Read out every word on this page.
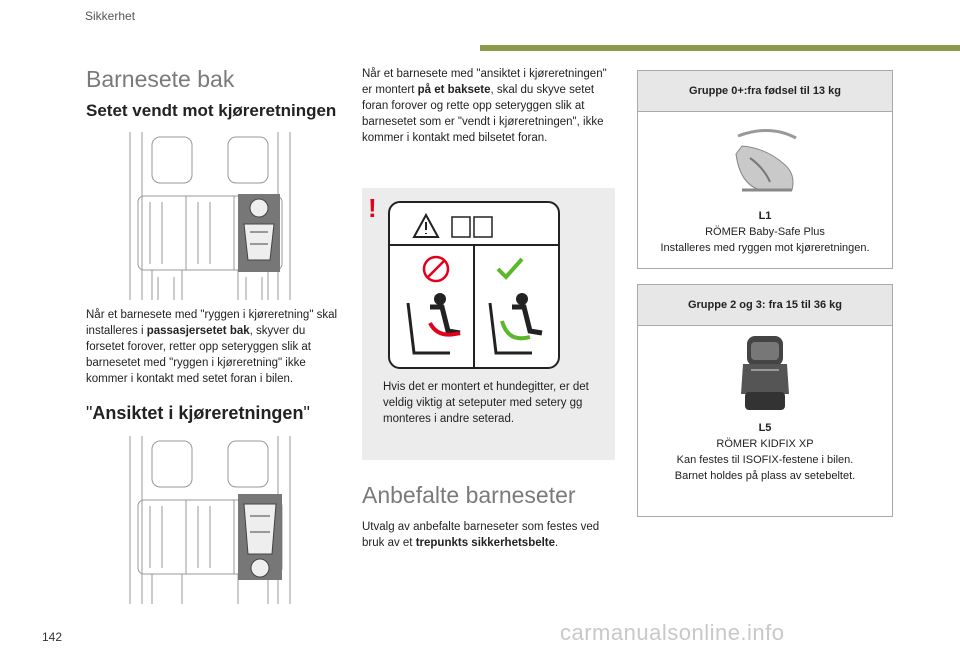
Sikkerhet
Barnesete bak
Setet vendt mot kjøreretningen
Når et barnesete med "ryggen i kjøreretning" skal installeres i passasjersetet bak, skyver du forsetet forover, retter opp seteryggen slik at barnesetet med "ryggen i kjøreretning" ikke kommer i kontakt med setet foran i bilen.
"Ansiktet i kjøreretningen"
Når et barnesete med "ansiktet i kjøreretningen" er montert på et baksete, skal du skyve setet foran forover og rette opp seteryggen slik at barnesetet som er "vendt i kjøreretningen", ikke kommer i kontakt med bilsetet foran.
!
Hvis det er montert et hundegitter, er det veldig viktig at seteputer med setery gg monteres i andre seterad.
Anbefalte barneseter
Utvalg av anbefalte barneseter som festes ved bruk av et trepunkts sikkerhetsbelte.
Gruppe 0+:fra fødsel til 13 kg
L1
RÖMER Baby-Safe Plus
Installeres med ryggen mot kjøreretningen.
Gruppe 2 og 3: fra 15 til 36 kg
L5
RÖMER KIDFIX XP
Kan festes til ISOFIX-festene i bilen.
Barnet holdes på plass av setebeltet.
142	carmanualsonline.info
